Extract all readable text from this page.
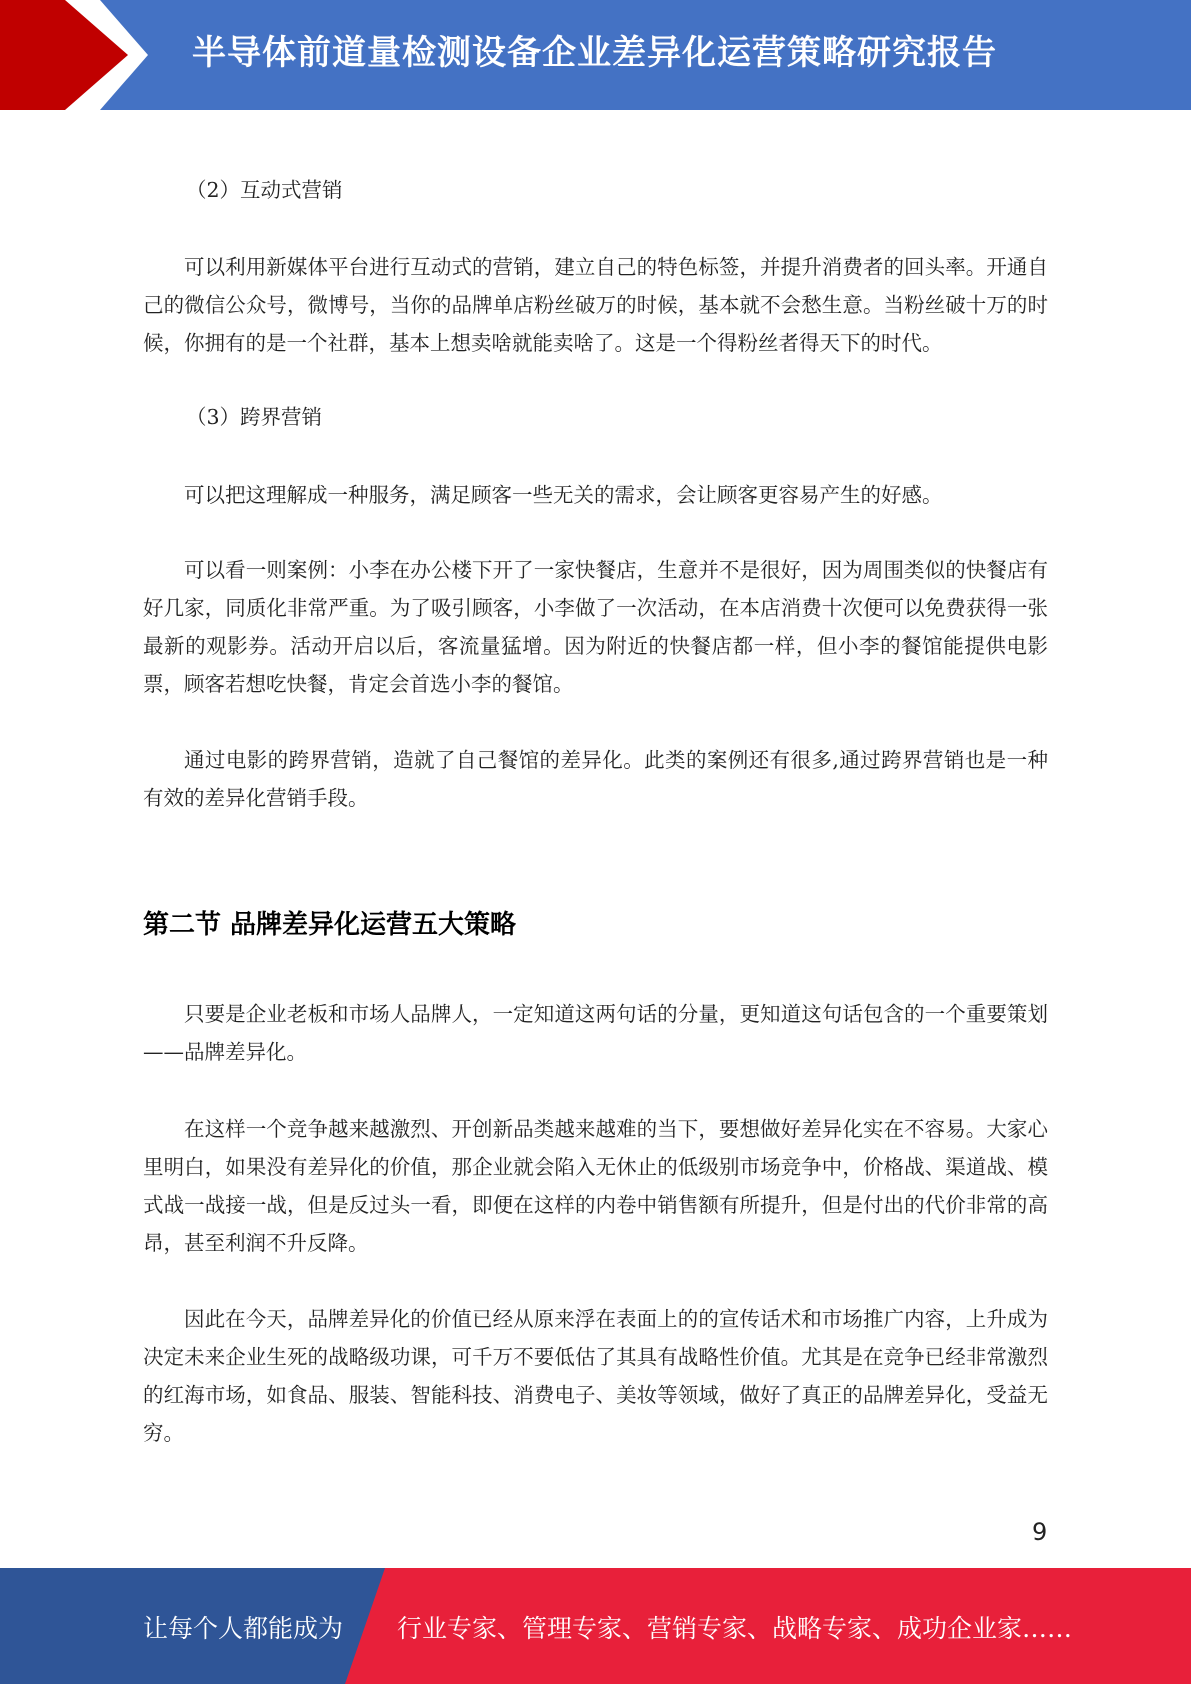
半导体前道量检测设备企业差异化运营策略研究报告

（2）互动式营销

可以利用新媒体平台进行互动式的营销，建立自己的特色标签，并提升消费者的回头率。开通自己的微信公众号，微博号，当你的品牌单店粉丝破万的时候，基本就不会愁生意。当粉丝破十万的时候，你拥有的是一个社群，基本上想卖啥就能卖啥了。这是一个得粉丝者得天下的时代。

（3）跨界营销

可以把这理解成一种服务，满足顾客一些无关的需求，会让顾客更容易产生的好感。

可以看一则案例：小李在办公楼下开了一家快餐店，生意并不是很好，因为周围类似的快餐店有好几家，同质化非常严重。为了吸引顾客，小李做了一次活动，在本店消费十次便可以免费获得一张最新的观影券。活动开启以后，客流量猛增。因为附近的快餐店都一样，但小李的餐馆能提供电影票，顾客若想吃快餐，肯定会首选小李的餐馆。

通过电影的跨界营销，造就了自己餐馆的差异化。此类的案例还有很多,通过跨界营销也是一种有效的差异化营销手段。

第二节 品牌差异化运营五大策略

只要是企业老板和市场人品牌人，一定知道这两句话的分量，更知道这句话包含的一个重要策划——品牌差异化。

在这样一个竞争越来越激烈、开创新品类越来越难的当下，要想做好差异化实在不容易。大家心里明白，如果没有差异化的价值，那企业就会陷入无休止的低级别市场竞争中，价格战、渠道战、模式战一战接一战，但是反过头一看，即便在这样的内卷中销售额有所提升，但是付出的代价非常的高昂，甚至利润不升反降。

因此在今天，品牌差异化的价值已经从原来浮在表面上的的宣传话术和市场推广内容，上升成为决定未来企业生死的战略级功课，可千万不要低估了其具有战略性价值。尤其是在竞争已经非常激烈的红海市场，如食品、服装、智能科技、消费电子、美妆等领域，做好了真正的品牌差异化，受益无穷。

9
让每个人都能成为 行业专家、管理专家、营销专家、战略专家、成功企业家……
